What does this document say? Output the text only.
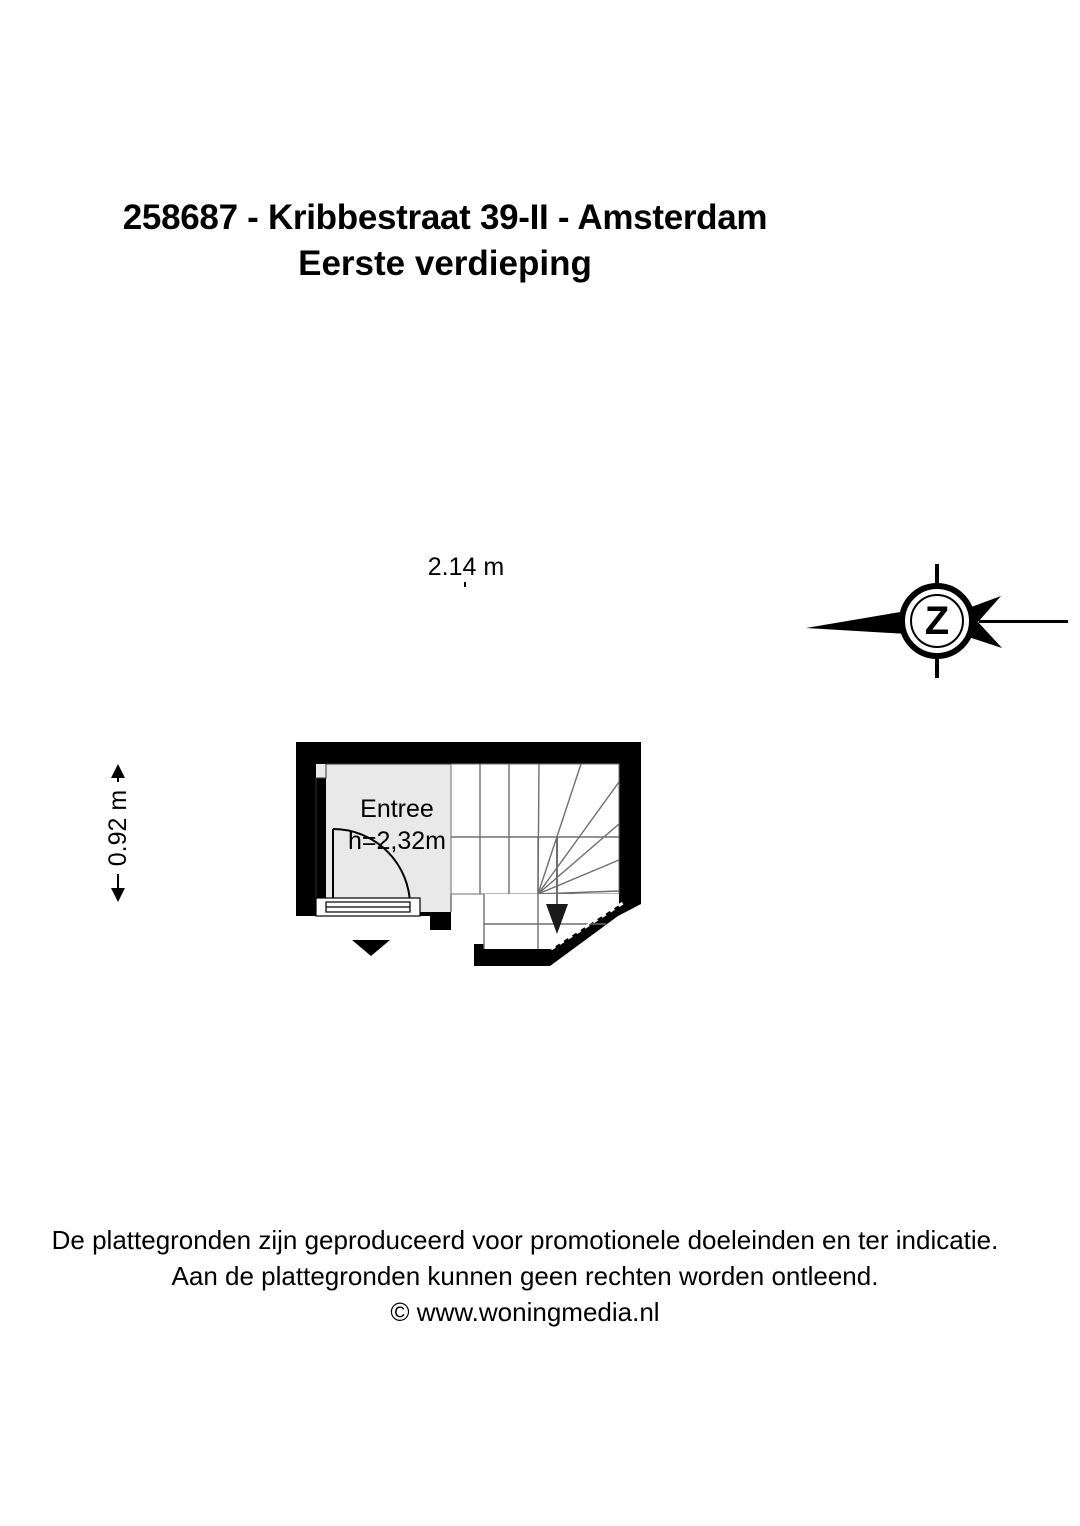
258687 - Kribbestraat 39-II - Amsterdam
Eerste verdieping
2.14 m
0.92 m
Z
Entree
h=2,32m
De plattegronden zijn geproduceerd voor promotionele doeleinden en ter indicatie.
Aan de plattegronden kunnen geen rechten worden ontleend.
© www.woningmedia.nl
